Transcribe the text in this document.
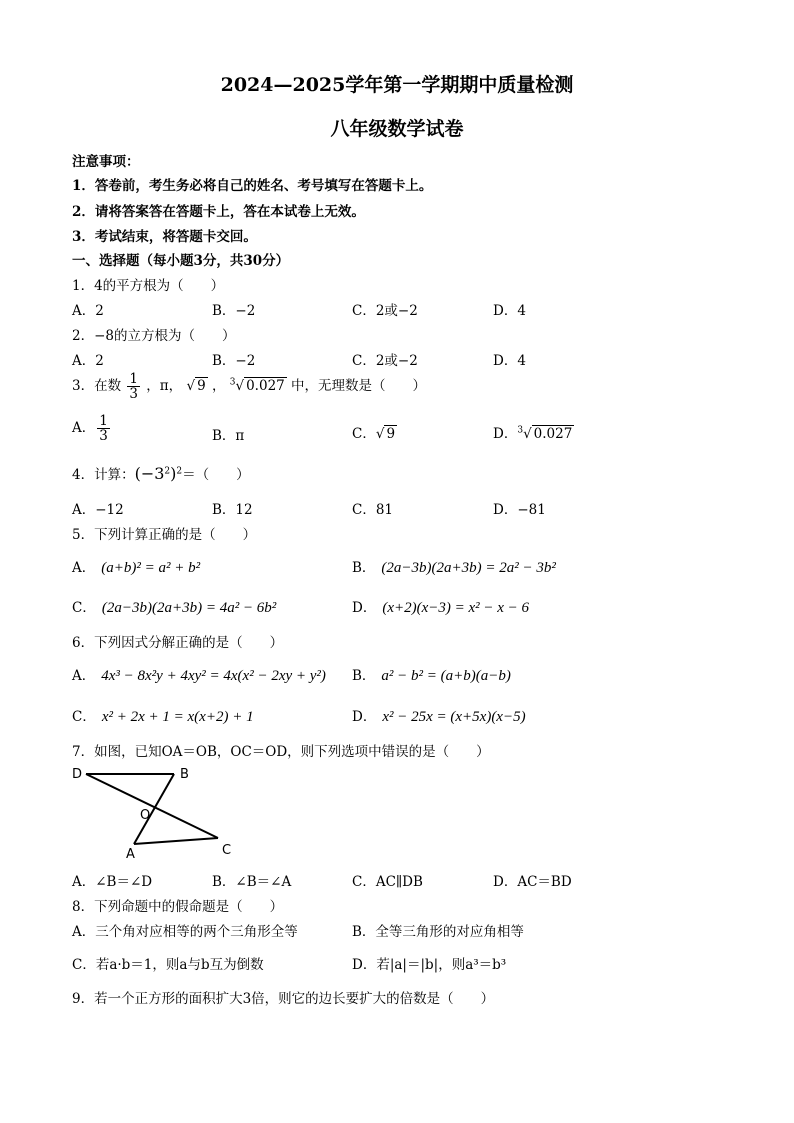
2024—2025学年第一学期期中质量检测
八年级数学试卷
注意事项：
1．答卷前，考生务必将自己的姓名、考号填写在答题卡上。
2．请将答案答在答题卡上，答在本试卷上无效。
3．考试结束，将答题卡交回。
一、选择题（每小题3分，共30分）
1．4的平方根为（　　）
A．2	B．−2	C．2或−2	D．4
2．−8的立方根为（　　）
A．2	B．−2	C．2或−2	D．4
3．在数 $\frac{1}{3}$ ，π， √ 9 ， $^3$√ 0.027 中，无理数是（　　）
A． $\frac{1}{3}$	B．π	C．√ 9	D．$^3$√ 0.027
4．计算：$(-3^2)^2=$（　　）
A．−12	B．12	C．81	D．−81
5．下列计算正确的是（　　）
A． (a+b)² = a² + b²	B． (2a−3b)(2a+3b) = 2a² − 3b²
C． (2a−3b)(2a+3b) = 4a² − 6b²	D． (x+2)(x−3) = x² − x − 6
6．下列因式分解正确的是（　　）
A． 4x³ − 8x²y + 4xy² = 4x(x² − 2xy + y²) B． a² − b² = (a+b)(a−b)
C． x² + 2x + 1 = x(x+2) + 1	D． x² − 25x = (x+5x)(x−5)
7．如图，已知OA＝OB，OC＝OD，则下列选项中错误的是（　　）
D	B
O
A	C
A．∠B＝∠D	B．∠B＝∠A	C．AC∥DB	D．AC＝BD
8．下列命题中的假命题是（　　）
A．三个角对应相等的两个三角形全等	B．全等三角形的对应角相等
C．若a·b＝1，则a与b互为倒数	D．若|a|＝|b|，则a³＝b³
9．若一个正方形的面积扩大3倍，则它的边长要扩大的倍数是（　　）
